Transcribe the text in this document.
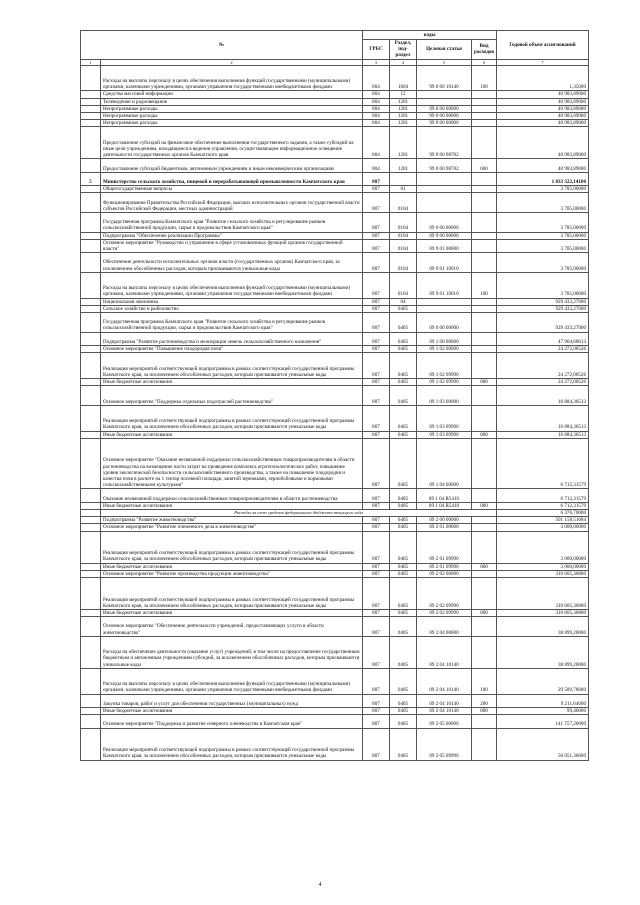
№		коды				Годовой объем ассигнований
		ГРБС	Раздел, под-раздел	Целевая статья	Вид расходов	
1	2	3	4	5	6	7
	Расходы на выплаты персоналу в целях обеспечения выполнения функций государственными (муниципальными) органами, казенными учреждениями, органами управления государственными внебюджетными фондами	804	1004	99 0 00 10140	100	1,35000
	Средства массовой информации	804	12			40 983,89000
	Телевидение и радиовещание	804	1201			40 983,89000
	Непрограммные расходы	804	1201	99 0 00 00000		40 983,89000
	Непрограммные расходы	804	1201	99 0 00 00000		40 983,89000
	Непрограммные расходы	804	1201	99 0 00 00000		40 983,89000
	Предоставление субсидий на финансовое обеспечение выполнения государственного задания, а также субсидий на иные цели учреждениям, находящимся в ведении управления, осуществляющим информационное освещение деятельности государственных органов Камчатского края	804	1201	99 0 00 98702		40 983,89000
	Предоставление субсидий бюджетным, автономным учреждениям и иным некоммерческим организациям	804	1201	99 0 00 98702	600	40 983,89000
5	Министерство сельского хозяйства, пищевой и перерабатывающей промышленности Камчатского края	807				1 033 322,14100
	Общегосударственные вопросы	807	01			3 785,00000
	Функционирование Правительства Российской Федерации, высших исполнительных органов государственной власти субъектов Российской Федерации, местных администраций	807	0104			3 785,00000
	Государственная программа Камчатского края "Развитие сельского хозяйства и регулирование рынков сельскохозяйственной продукции, сырья и продовольствия Камчатского края"	807	0104	09 0 00 00000		3 785,00000
	Подпрограмма "Обеспечение реализации Программы"	807	0104	09 9 00 00000		3 785,00000
	Основное мероприятие "Руководство и управление в сфере установленных функций органов государственной власти"	807	0104	09 9 01 00000		3 785,00000
	Обеспечение деятельности исполнительных органов власти (государственных органов) Камчатского края, за исключением обособленных расходов, которым присваиваются уникальные коды	807	0104	09 9 01 10010		3 785,00000
	Расходы на выплаты персоналу в целях обеспечения выполнения функций государственными (муниципальными) органами, казенными учреждениями, органами управления государственными внебюджетными фондами	807	0104	09 9 01 10010	100	3 785,00000
	Национальная экономика	807	04			929 433,27000
	Сельское хозяйство и рыболовство	807	0405			929 433,27000
	Государственная программа Камчатского края "Развитие сельского хозяйства и регулирование рынков сельскохозяйственной продукции, сырья и продовольствия Камчатского края"	807	0405	09 0 00 00000		929 433,27000
	Подпрограмма "Развитие растениеводства и мелиорации земель сельскохозяйственного назначения"	807	0405	09 1 00 00000		47 964,68613
	Основное мероприятие "Повышение плодородия почв"	807	0405	09 1 02 00000		24 272,00526
	Реализация мероприятий соответствующей подпрограммы в рамках соответствующей государственной программы Камчатского края, за исключением обособленных расходов, которым присваиваются уникальные коды	807	0405	09 1 02 09990		24 272,00526
	Иные бюджетные ассигнования	807	0405	09 1 02 09990	800	24 272,00526
	Основное мероприятие "Поддержка отдельных подотраслей растениеводства"	807	0405	09 1 03 00000		16 884,36513
	Реализация мероприятий соответствующей подпрограммы в рамках соответствующей государственной программы Камчатского края, за исключением обособленных расходов, которым присваиваются уникальные коды	807	0405	09 1 03 09990		16 884,36513
	Иные бюджетные ассигнования	807	0405	09 1 03 09990	800	16 884,36513
	Основное мероприятие "Оказание несвязанной поддержки сельскохозяйственным товаропроизводителям в области растениеводства на возмещение части затрат на проведение комплекса агротехнологических работ, повышение уровня экологической безопасности сельскохозяйственного производства, а также на повышение плодородия и качества почв в расчете на 1 гектар посевной площади, занятой зерновыми, зернобобовыми и кормовыми сельскохозяйственными культурами"	807	0405	09 1 04 00000		6 712,31579
	Оказание несвязанной поддержки сельскохозяйственным товаропроизводителям в области растениеводства	807	0405	09 1 04 R5410		6 712,31579
	Иные бюджетные ассигнования	807	0405	09 1 04 R5410	800	6 712,31579
	Расходы за счет средств федерального бюджета текущего года					6 376,70000
	Подпрограмма "Развитие животноводства"	807	0405	09 2 00 00000		501 158,51684
	Основное мероприятие "Развитие племенного дела в животноводстве"	807	0405	09 2 01 00000		3 000,00000
	Реализация мероприятий соответствующей подпрограммы в рамках соответствующей государственной программы Камчатского края, за исключением обособленных расходов, которым присваиваются уникальные коды	807	0405	09 2 01 09990		3 000,00000
	Иные бюджетные ассигнования	807	0405	09 2 01 09990	800	3 000,00000
	Основное мероприятие "Развитие производства продукции животноводства"	807	0405	09 2 02 00000		310 605,36800
	Реализация мероприятий соответствующей подпрограммы в рамках соответствующей государственной программы Камчатского края, за исключением обособленных расходов, которым присваиваются уникальные коды	807	0405	09 2 02 09990		310 605,36800
	Иные бюджетные ассигнования	807	0405	09 2 02 09990	800	310 605,36800
	Основное мероприятие "Обеспечение деятельности учреждений, предоставляющих услуги в области животноводства"	807	0405	09 2 04 00000		38 899,20000
	Расходы на обеспечение деятельности (оказание услуг) учреждений, в том числе на предоставление государственным бюджетным и автономным учреждениям субсидий, за исключением обособленных расходов, которым присваиваются уникальные коды	807	0405	09 2 04 10140		38 899,20000
	Расходы на выплаты персоналу в целях обеспечения выполнения функций государственными (муниципальными) органами, казенными учреждениями, органами управления государственными внебюджетными фондами	807	0405	09 2 04 10140	100	29 589,78000
	Закупка товаров, работ и услуг для обеспечения государственных (муниципальных) нужд	807	0405	09 2 04 10140	200	9 211,64000
	Иные бюджетные ассигнования	807	0405	09 2 04 10140	800	99,40000
	Основное мероприятие "Поддержка и развитие северного оленеводства в Камчатском крае"	807	0405	09 2 05 00000		141 757,20000
	Реализация мероприятий соответствующей подпрограммы в рамках соответствующей государственной программы Камчатского края, за исключением обособленных расходов, которым присваиваются уникальные коды	807	0405	09 2 05 09990		56 051,36000
4
